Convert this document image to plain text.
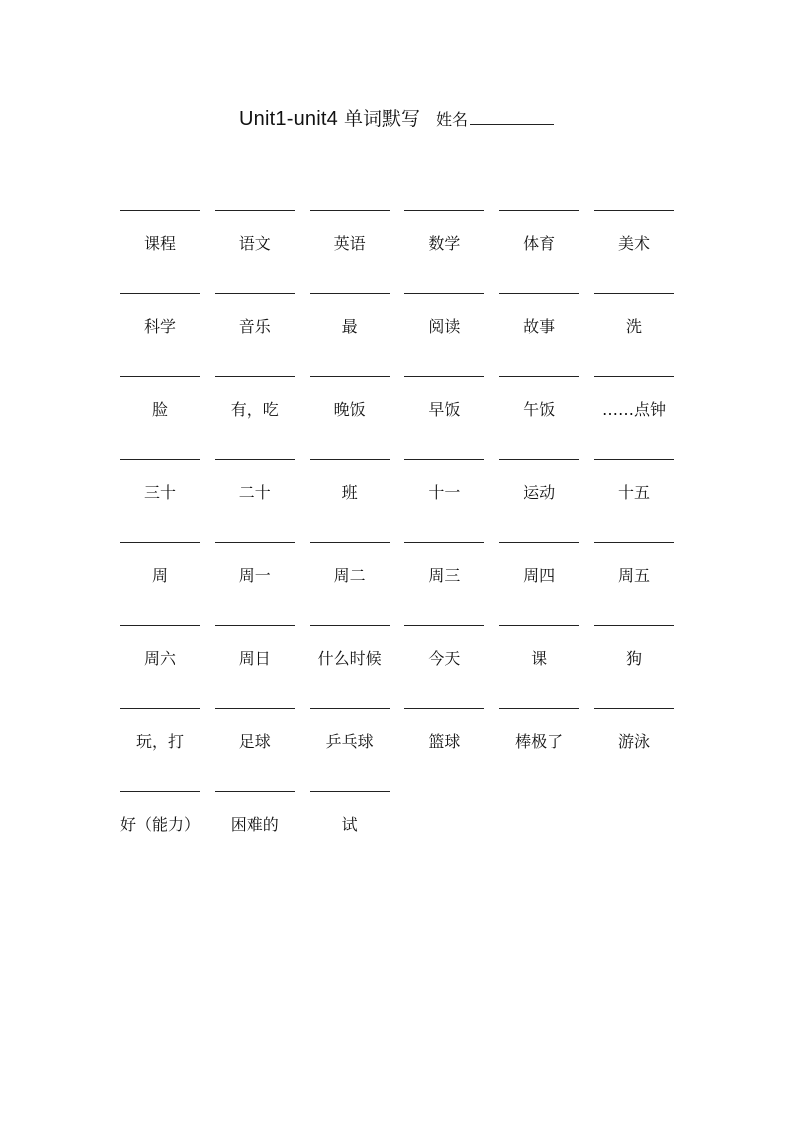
Unit1-unit4 单词默写 姓名
课程	语文	英语	数学	体育	美术
科学	音乐	最	阅读	故事	洗
脸	有，吃	晚饭	早饭	午饭	……点钟
三十	二十	班	十一	运动	十五
周	周一	周二	周三	周四	周五
周六	周日	什么时候	今天	课	狗
玩，打	足球	乒乓球	篮球	棒极了	游泳
好（能力）	困难的	试
